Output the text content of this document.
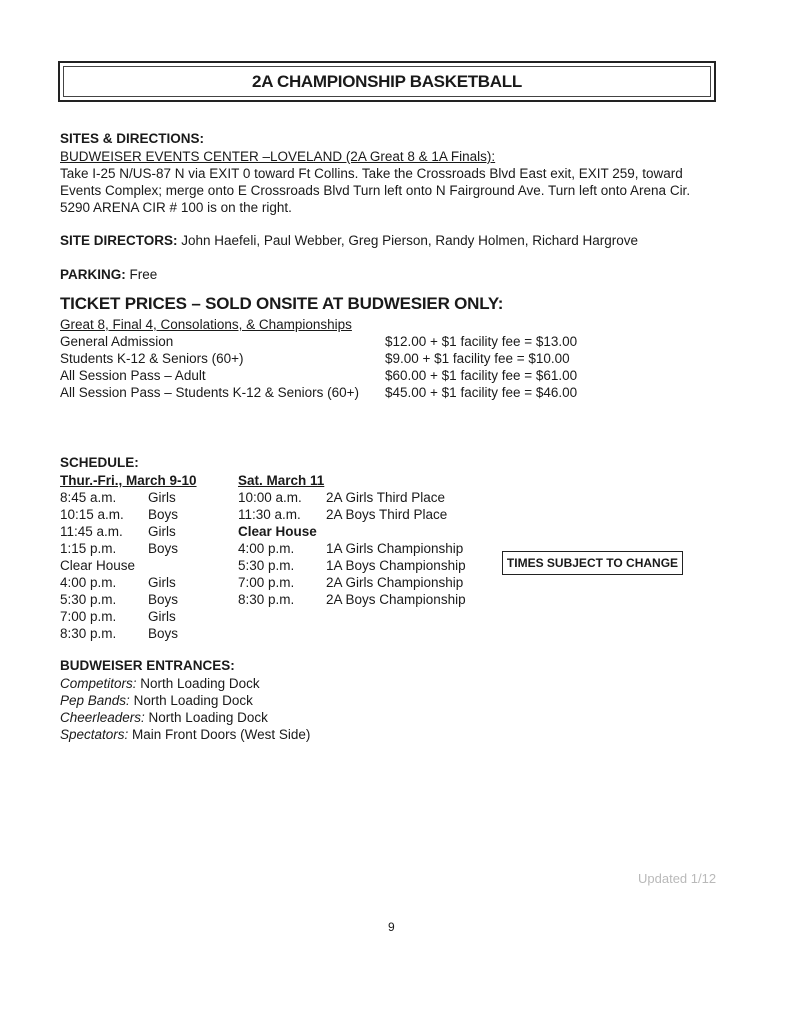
2A CHAMPIONSHIP BASKETBALL
SITES & DIRECTIONS:
BUDWEISER EVENTS CENTER –LOVELAND (2A Great 8 & 1A Finals):
Take I-25 N/US-87 N via EXIT 0 toward Ft Collins. Take the Crossroads Blvd East exit, EXIT 259, toward
Events Complex; merge onto E Crossroads Blvd Turn left onto N Fairground Ave. Turn left onto Arena Cir.
5290 ARENA CIR # 100 is on the right.
SITE DIRECTORS: John Haefeli, Paul Webber, Greg Pierson, Randy Holmen, Richard Hargrove
PARKING: Free
TICKET PRICES – SOLD ONSITE AT BUDWESIER ONLY:
Great 8, Final 4, Consolations, & Championships
General Admission	$12.00 + $1 facility fee = $13.00
Students K-12 & Seniors (60+)	$9.00 + $1 facility fee = $10.00
All Session Pass – Adult	$60.00 + $1 facility fee = $61.00
All Session Pass – Students K-12 & Seniors (60+) $45.00 + $1 facility fee = $46.00
SCHEDULE:
Thur.-Fri., March 9-10
8:45 a.m. Girls
10:15 a.m. Boys
11:45 a.m. Girls
1:15 p.m. Boys
Clear House
4:00 p.m. Girls
5:30 p.m. Boys
7:00 p.m. Girls
8:30 p.m. Boys
Sat. March 11
10:00 a.m. 2A Girls Third Place
11:30 a.m. 2A Boys Third Place
Clear House
4:00 p.m. 1A Girls Championship
5:30 p.m. 1A Boys Championship
7:00 p.m. 2A Girls Championship
8:30 p.m. 2A Boys Championship
TIMES SUBJECT TO CHANGE
BUDWEISER ENTRANCES:
Competitors: North Loading Dock
Pep Bands: North Loading Dock
Cheerleaders: North Loading Dock
Spectators: Main Front Doors (West Side)
Updated 1/12
9
